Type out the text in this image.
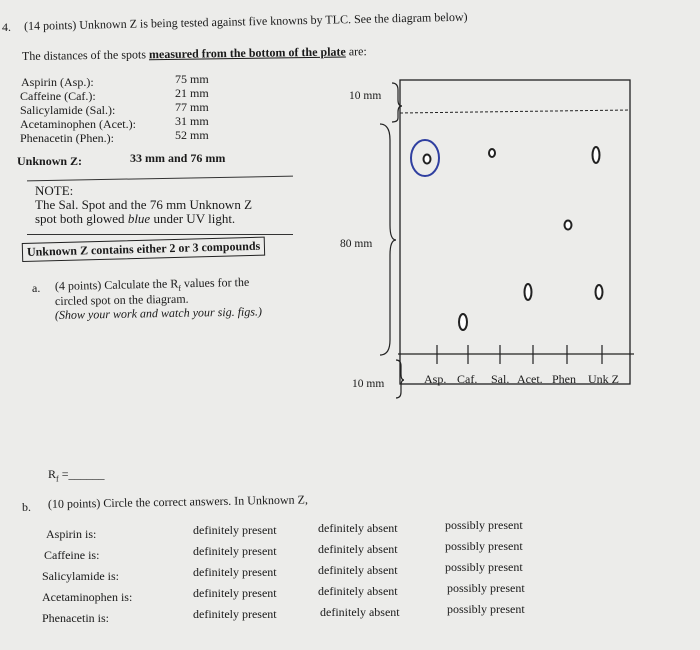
4. (14 points) Unknown Z is being tested against five knowns by TLC. See the diagram below)
The distances of the spots measured from the bottom of the plate are:
Aspirin (Asp.):	75 mm
Caffeine (Caf.):	21 mm
Salicylamide (Sal.):	77 mm
Acetaminophen (Acet.):	31 mm
Phenacetin (Phen.):	52 mm
Unknown Z:	33 mm and 76 mm
NOTE:
The Sal. Spot and the 76 mm Unknown Z
spot both glowed blue under UV light.
Unknown Z contains either 2 or 3 compounds
a. (4 points) Calculate the $R_f$ values for the
circled spot on the diagram.
(Show your work and watch your sig. figs.)
10 mm
80 mm
10 mm	Asp. Caf. Sal. Acet. Phen Unk Z
$R_f$ =______
b. (10 points) Circle the correct answers. In Unknown Z,
Aspirin is:	definitely present	definitely absent	possibly present
Caffeine is:	definitely present	definitely absent	possibly present
Salicylamide is:	definitely present	definitely absent	possibly present
Acetaminophen is:	definitely present	definitely absent	possibly present
Phenacetin is:	definitely present	definitely absent	possibly present
